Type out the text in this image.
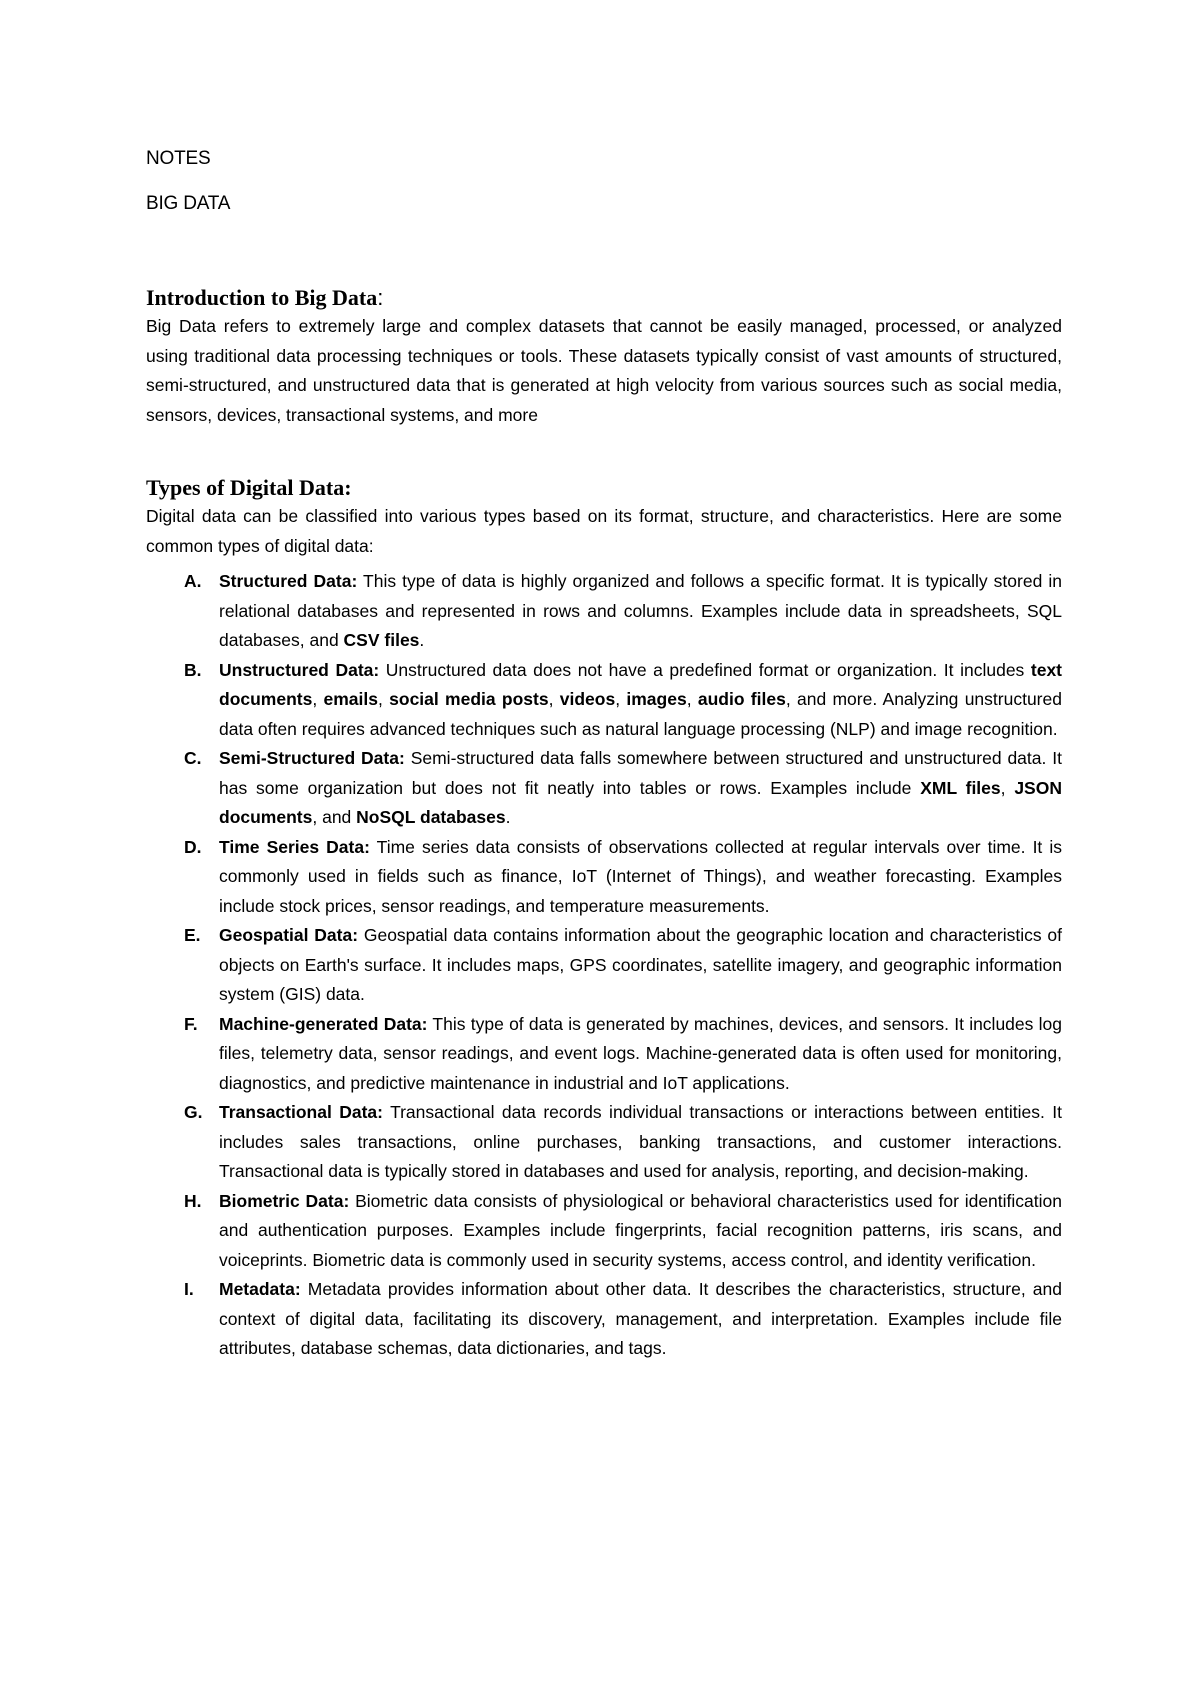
NOTES
BIG DATA
Introduction to Big Data:

Big Data refers to extremely large and complex datasets that cannot be easily managed, processed, or analyzed using traditional data processing techniques or tools. These datasets typically consist of vast amounts of structured, semi-structured, and unstructured data that is generated at high velocity from various sources such as social media, sensors, devices, transactional systems, and more

Types of Digital Data:

Digital data can be classified into various types based on its format, structure, and characteristics. Here are some common types of digital data:

A. Structured Data: This type of data is highly organized and follows a specific format. It is typically stored in relational databases and represented in rows and columns. Examples include data in spreadsheets, SQL databases, and CSV files.
B. Unstructured Data: Unstructured data does not have a predefined format or organization. It includes text documents, emails, social media posts, videos, images, audio files, and more. Analyzing unstructured data often requires advanced techniques such as natural language processing (NLP) and image recognition.
C. Semi-Structured Data: Semi-structured data falls somewhere between structured and unstructured data. It has some organization but does not fit neatly into tables or rows. Examples include XML files, JSON documents, and NoSQL databases.
D. Time Series Data: Time series data consists of observations collected at regular intervals over time. It is commonly used in fields such as finance, IoT (Internet of Things), and weather forecasting. Examples include stock prices, sensor readings, and temperature measurements.
E. Geospatial Data: Geospatial data contains information about the geographic location and characteristics of objects on Earth's surface. It includes maps, GPS coordinates, satellite imagery, and geographic information system (GIS) data.
F. Machine-generated Data: This type of data is generated by machines, devices, and sensors. It includes log files, telemetry data, sensor readings, and event logs. Machine-generated data is often used for monitoring, diagnostics, and predictive maintenance in industrial and IoT applications.
G. Transactional Data: Transactional data records individual transactions or interactions between entities. It includes sales transactions, online purchases, banking transactions, and customer interactions. Transactional data is typically stored in databases and used for analysis, reporting, and decision-making.
H. Biometric Data: Biometric data consists of physiological or behavioral characteristics used for identification and authentication purposes. Examples include fingerprints, facial recognition patterns, iris scans, and voiceprints. Biometric data is commonly used in security systems, access control, and identity verification.
I. Metadata: Metadata provides information about other data. It describes the characteristics, structure, and context of digital data, facilitating its discovery, management, and interpretation. Examples include file attributes, database schemas, data dictionaries, and tags.
